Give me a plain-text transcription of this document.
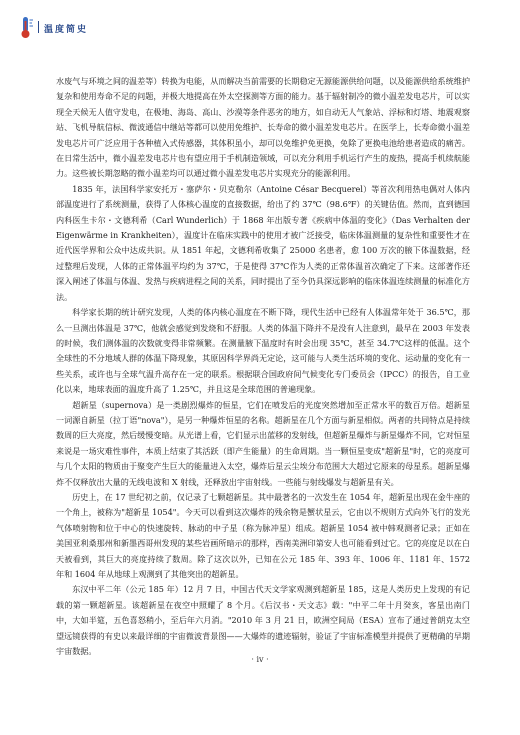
温度简史

水废气与环境之间的温差等）转换为电能，从而解决当前需要的长期稳定无源能源供给问题，以及能源供给系统维护复杂和使用寿命不足的问题，并极大地提高在外太空探测等方面的能力。基于辐射制冷的微小温差发电芯片，可以实现全天候无人值守发电，在极地、海岛、高山、沙漠等条件恶劣的地方，如自动无人气象站、浮标和灯塔、地震观察站、飞机导航信标、微波通信中继站等都可以使用免维护、长寿命的微小温差发电芯片。在医学上，长寿命微小温差发电芯片可广泛应用于各种植入式传感器，其体积虽小，却可以免维护免更换，免除了更换电池给患者造成的痛苦。在日常生活中，微小温差发电芯片也有望应用于手机制造领域，可以充分利用手机运行产生的废热，提高手机续航能力。这些被长期忽略的微小温差均可以通过微小温差发电芯片实现充分的能源利用。

1835 年，法国科学家安托万・塞萨尔・贝克勒尔（Antoine César Becquerel）等首次利用热电偶对人体内部温度进行了系统测量，获得了人体核心温度的直接数据，给出了约 37℃（98.6℉）的关键估值。然而，直到德国内科医生卡尔・文德利希（Carl Wunderlich）于 1868 年出版专著《疾病中体温的变化》（Das Verhalten der Eigenwärme in Krankheiten），温度计在临床实践中的使用才被广泛接受，临床体温测量的复杂性和重要性才在近代医学界和公众中达成共识。从 1851 年起，文德利希收集了 25000 名患者，愈 100 万次的腋下体温数据，经过整理后发现，人体的正常体温平均约为 37℃，于是使得 37℃作为人类的正常体温首次确定了下来。这部著作还深入阐述了体温与体温、发热与疾病进程之间的关系，同时提出了至今仍具深远影响的临床体温连续测量的标准化方法。

科学家长期的统计研究发现，人类的体内核心温度在不断下降，现代生活中已经有人体温常年处于 36.5℃，那么一旦测出体温是 37℃，他就会感觉到发烧和不舒服。人类的体温下降并不是没有人注意到，最早在 2003 年发表的时候，我们测体温的次数就变得非常频繁。在测量腋下温度时有时会出现 35℃，甚至 34.7℃这样的低温。这个全球性的不分地域人群的体温下降现象，其原因科学界尚无定论，这可能与人类生活环境的变化、运动量的变化有一些关系，或许也与全球气温升高存在一定的联系。根据联合国政府间气候变化专门委员会（IPCC）的报告，自工业化以来，地球表面的温度升高了 1.25℃，并且这是全球范围的普遍现象。

超新星（supernova）是一类剧烈爆炸的恒星，它们在喷发后的光度突然增加至正常水平的数百万倍。超新星一词源自新星（拉丁语"nova"），是另一种爆炸恒星的名称。超新星在几个方面与新星相似。两者的共同特点是持续数周的巨大亮度，然后缓慢变暗。从光谱上看，它们显示出蓝移的发射线，但超新星爆炸与新星爆炸不同，它对恒星来说是一场灾难性事件，本质上结束了其活跃（即产生能量）的生命周期。当一颗恒星变成"超新星"时，它的亮度可与几个太阳的物质由于聚变产生巨大的能量进入太空，爆炸后星云尘埃分布范围大大超过它原来的母星系。超新星爆炸不仅释放出大量的无线电波和 X 射线，还释放出宇宙射线。一些能与射线爆发与超新星有关。

历史上，在 17 世纪初之前，仅记录了七颗超新星。其中最著名的一次发生在 1054 年，超新星出现在金牛座的一个角上，被称为"超新星 1054"。今天可以看到这次爆炸的残余物是蟹状星云，它由以不规则方式向外飞行的发光气体喷射物和位于中心的快速旋转、脉动的中子星（称为脉冲星）组成。超新星 1054 被中韩观测者记录；正如在美国亚利桑那州和新墨西哥州发现的某些岩画所暗示的那样，西南美洲印第安人也可能看到过它。它的亮度足以在白天被看到，其巨大的亮度持续了数周。除了这次以外，已知在公元 185 年、393 年、1006 年、1181 年、1572 年和 1604 年从地球上观测到了其他突出的超新星。

东汉中平二年（公元 185 年）12 月 7 日，中国古代天文学家观测到超新星 185，这是人类历史上发现的有记载的第一颗超新星。该超新星在夜空中照耀了 8 个月。《后汉书・天文志》载："中平二年十月癸亥，客星出南门中，大如半筵，五色喜怒稍小，至后年六月消。"2010 年 3 月 21 日，欧洲空间局（ESA）宣布了通过普朗克太空望远镜获得的有史以来最详细的宇宙微波背景图——大爆炸的遗迹辐射，验证了宇宙标准模型并提供了更精确的早期宇宙数据。

· iv ·
